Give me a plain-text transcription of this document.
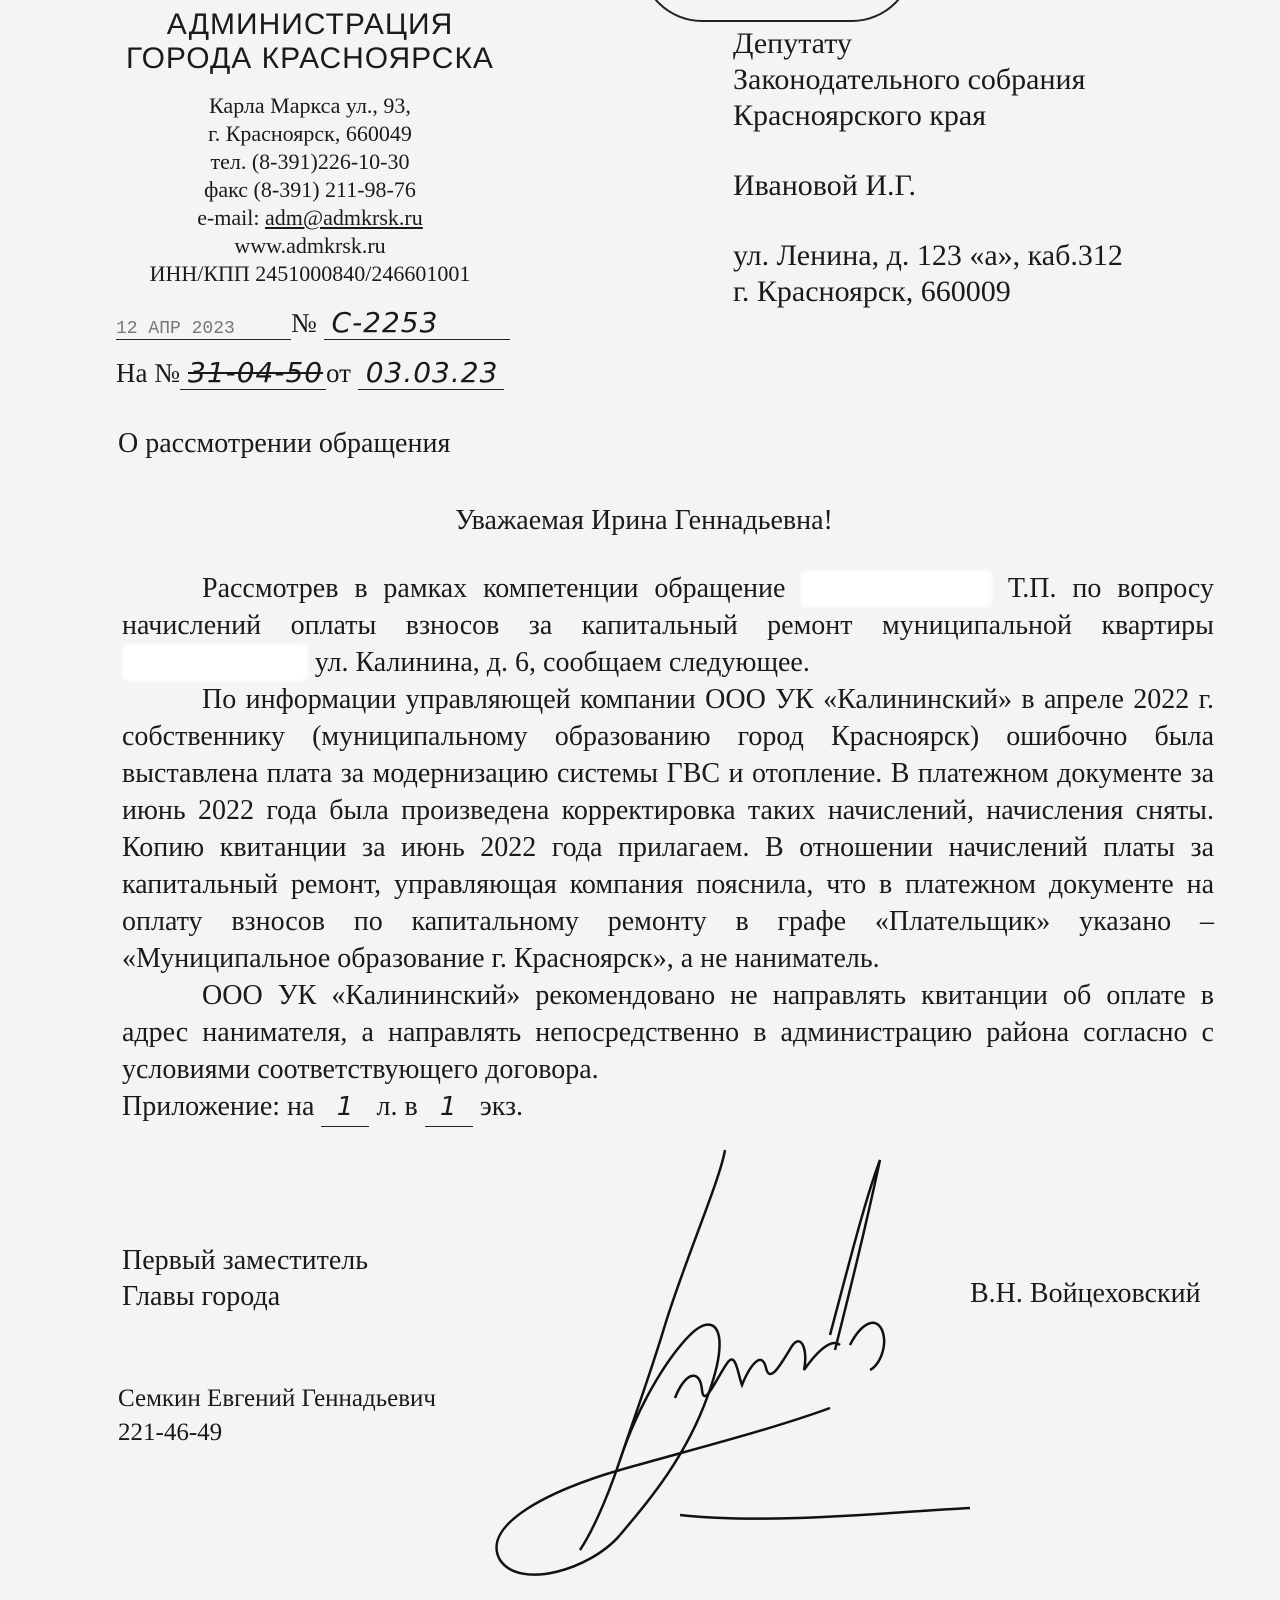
АДМИНИСТРАЦИЯ

ГОРОДА КРАСНОЯРСКА

Карла Маркса ул., 93,
г. Красноярск, 660049
тел. (8-391)226-10-30
факс (8-391) 211-98-76
e-mail: adm@admkrsk.ru
www.admkrsk.ru
ИНН/КПП 2451000840/246601001
Депутату
Законодательного собрания
Красноярского края
Ивановой И.Г.
ул. Ленина, д. 123 «а», каб.312
г. Красноярск, 660009
12 АПР 2023 № С-2253
На № 31-04-50 от 03.03.23
О рассмотрении обращения
Уважаемая Ирина Геннадьевна!

Рассмотрев в рамках компетенции обращение	Т.П. по вопросу начислений оплаты взносов за капитальный ремонт муниципальной квартиры  ул. Калинина, д. 6, сообщаем следующее.

По информации управляющей компании ООО УК «Калининский» в апреле 2022 г. собственнику (муниципальному образованию город Красноярск) ошибочно была выставлена плата за модернизацию системы ГВС и отопление. В платежном документе за июнь 2022 года была произведена корректировка таких начислений, начисления сняты. Копию квитанции за июнь 2022 года прилагаем. В отношении начислений платы за капитальный ремонт, управляющая компания пояснила, что в платежном документе на оплату взносов по капитальному ремонту в графе «Плательщик» указано – «Муниципальное образование г. Красноярск», а не наниматель.

ООО УК «Калининский» рекомендовано не направлять квитанции об оплате в адрес нанимателя, а направлять непосредственно в администрацию района согласно с условиями соответствующего договора.

Приложение: на 1 л. в 1 экз.

Первый заместитель
Главы города	В.Н. Войцеховский
Семкин Евгений Геннадьевич
221-46-49
